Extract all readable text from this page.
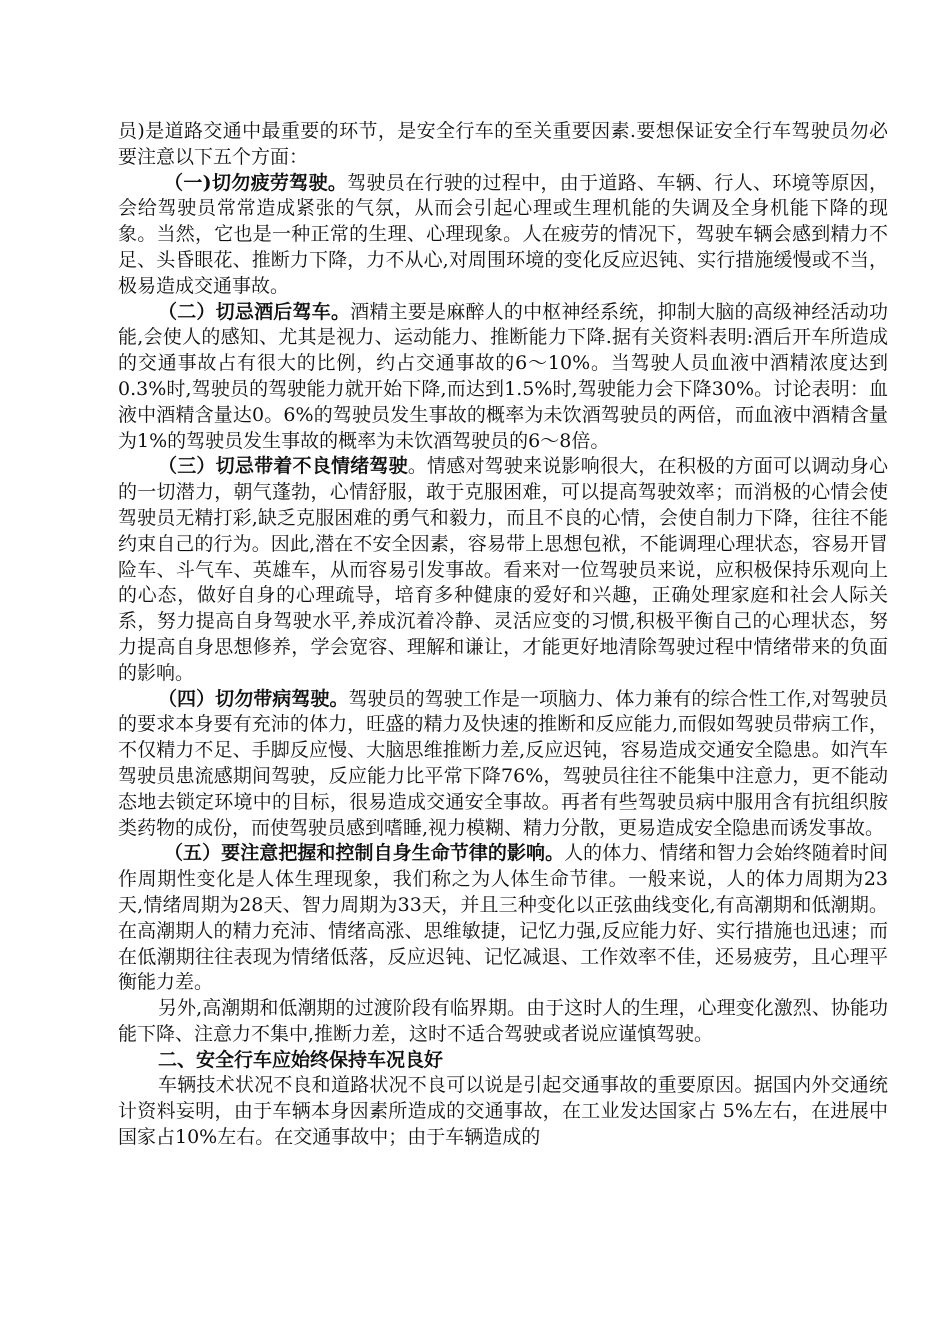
员)是道路交通中最重要的环节，是安全行车的至关重要因素.要想保证安全行车驾驶员勿必要注意以下五个方面：

（一)切勿疲劳驾驶。驾驶员在行驶的过程中，由于道路、车辆、行人、环境等原因，会给驾驶员常常造成紧张的气氛，从而会引起心理或生理机能的失调及全身机能下降的现象。当然，它也是一种正常的生理、心理现象。人在疲劳的情况下，驾驶车辆会感到精力不足、头昏眼花、推断力下降，力不从心,对周围环境的变化反应迟钝、实行措施缓慢或不当，极易造成交通事故。

（二）切忌酒后驾车。酒精主要是麻醉人的中枢神经系统，抑制大脑的高级神经活动功能,会使人的感知、尤其是视力、运动能力、推断能力下降.据有关资料表明:酒后开车所造成的交通事故占有很大的比例，约占交通事故的6～10%。当驾驶人员血液中酒精浓度达到0.3%时,驾驶员的驾驶能力就开始下降,而达到1.5%时,驾驶能力会下降30%。讨论表明：血液中酒精含量达0。6%的驾驶员发生事故的概率为未饮酒驾驶员的两倍，而血液中酒精含量为1%的驾驶员发生事故的概率为未饮酒驾驶员的6～8倍。

（三）切忌带着不良情绪驾驶。情感对驾驶来说影响很大，在积极的方面可以调动身心的一切潜力，朝气蓬勃，心情舒服，敢于克服困难，可以提高驾驶效率；而消极的心情会使驾驶员无精打彩,缺乏克服困难的勇气和毅力，而且不良的心情，会使自制力下降，往往不能约束自己的行为。因此,潜在不安全因素，容易带上思想包袱，不能调理心理状态，容易开冒险车、斗气车、英雄车，从而容易引发事故。看来对一位驾驶员来说，应积极保持乐观向上的心态，做好自身的心理疏导，培育多种健康的爱好和兴趣，正确处理家庭和社会人际关系，努力提高自身驾驶水平,养成沉着冷静、灵活应变的习惯,积极平衡自己的心理状态，努力提高自身思想修养，学会宽容、理解和谦让，才能更好地清除驾驶过程中情绪带来的负面的影响。

（四）切勿带病驾驶。驾驶员的驾驶工作是一项脑力、体力兼有的综合性工作,对驾驶员的要求本身要有充沛的体力，旺盛的精力及快速的推断和反应能力,而假如驾驶员带病工作，不仅精力不足、手脚反应慢、大脑思维推断力差,反应迟钝，容易造成交通安全隐患。如汽车驾驶员患流感期间驾驶，反应能力比平常下降76%，驾驶员往往不能集中注意力，更不能动态地去锁定环境中的目标，很易造成交通安全事故。再者有些驾驶员病中服用含有抗组织胺类药物的成份，而使驾驶员感到嗜睡,视力模糊、精力分散，更易造成安全隐患而诱发事故。

（五）要注意把握和控制自身生命节律的影响。人的体力、情绪和智力会始终随着时间作周期性变化是人体生理现象，我们称之为人体生命节律。一般来说，人的体力周期为23天,情绪周期为28天、智力周期为33天，并且三种变化以正弦曲线变化,有高潮期和低潮期。在高潮期人的精力充沛、情绪高涨、思维敏捷，记忆力强,反应能力好、实行措施也迅速；而在低潮期往往表现为情绪低落，反应迟钝、记忆减退、工作效率不佳，还易疲劳，且心理平衡能力差。

另外,高潮期和低潮期的过渡阶段有临界期。由于这时人的生理，心理变化激烈、协能功能下降、注意力不集中,推断力差，这时不适合驾驶或者说应谨慎驾驶。

二、安全行车应始终保持车况良好

车辆技术状况不良和道路状况不良可以说是引起交通事故的重要原因。据国内外交通统计资料妄明，由于车辆本身因素所造成的交通事故，在工业发达国家占 5%左右，在进展中国家占10%左右。在交通事故中；由于车辆造成的
